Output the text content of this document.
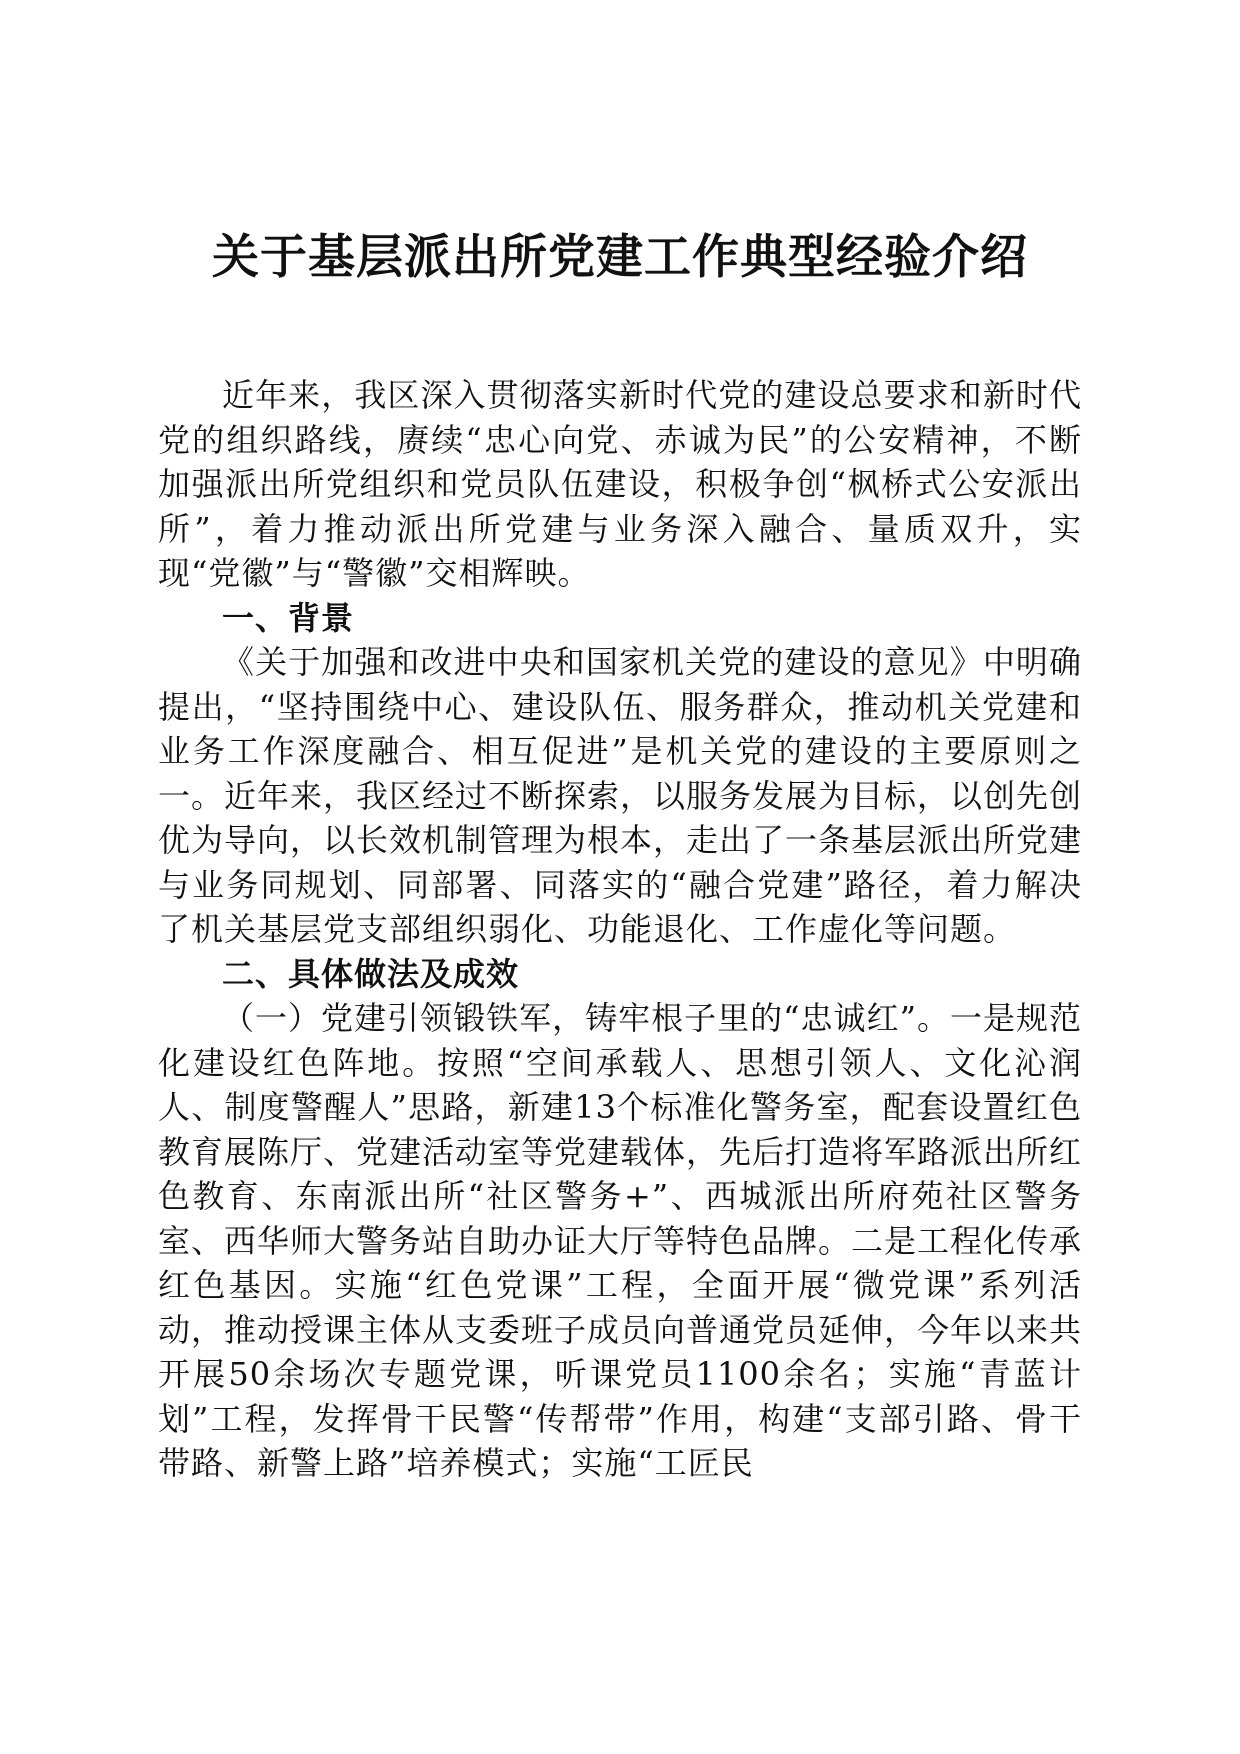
关于基层派出所党建工作典型经验介绍

近年来，我区深入贯彻落实新时代党的建设总要求和新时代党的组织路线，赓续“忠心向党、赤诚为民”的公安精神，不断加强派出所党组织和党员队伍建设，积极争创“枫桥式公安派出所”，着力推动派出所党建与业务深入融合、量质双升，实现“党徽”与“警徽”交相辉映。

一、背景

《关于加强和改进中央和国家机关党的建设的意见》中明确提出，“坚持围绕中心、建设队伍、服务群众，推动机关党建和业务工作深度融合、相互促进”是机关党的建设的主要原则之一。近年来，我区经过不断探索，以服务发展为目标，以创先创优为导向，以长效机制管理为根本，走出了一条基层派出所党建与业务同规划、同部署、同落实的“融合党建”路径，着力解决了机关基层党支部组织弱化、功能退化、工作虚化等问题。

二、具体做法及成效

（一）党建引领锻铁军，铸牢根子里的“忠诚红”。一是规范化建设红色阵地。按照“空间承载人、思想引领人、文化沁润人、制度警醒人”思路，新建13个标准化警务室，配套设置红色教育展陈厅、党建活动室等党建载体，先后打造将军路派出所红色教育、东南派出所“社区警务+”、西城派出所府苑社区警务室、西华师大警务站自助办证大厅等特色品牌。二是工程化传承红色基因。实施“红色党课”工程，全面开展“微党课”系列活动，推动授课主体从支委班子成员向普通党员延伸，今年以来共开展50余场次专题党课，听课党员1100余名；实施“青蓝计划”工程，发挥骨干民警“传帮带”作用，构建“支部引路、骨干带路、新警上路”培养模式；实施“工匠民
